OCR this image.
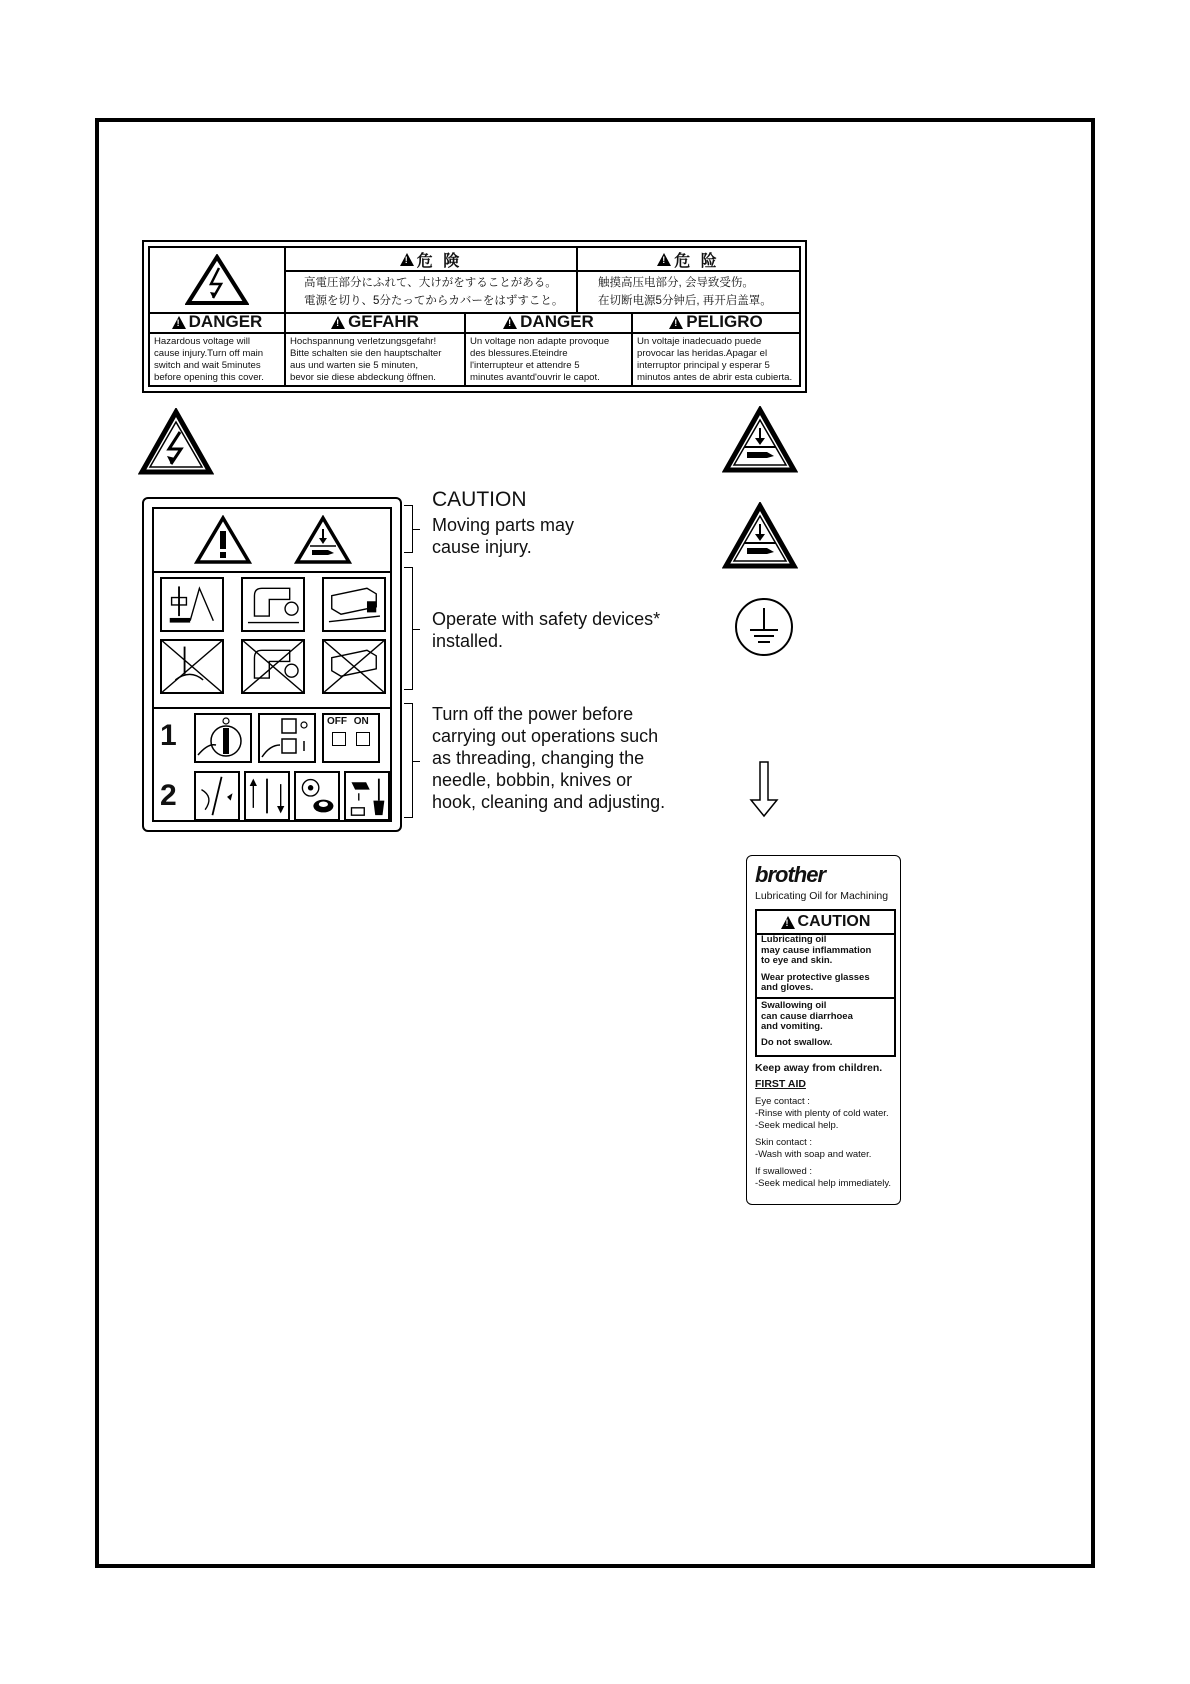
!
危 険
高電圧部分にふれて、大けがをすることがある。
電源を切り、5分たってからカバーをはずすこと。
!
危 险
触摸高压电部分, 会导致受伤。
在切断电源5分钟后, 再开启盖罩。
!
DANGER
Hazardous voltage will
cause injury.Turn off main
switch and wait 5minutes
before opening this cover.
!
GEFAHR
Hochspannung verletzungsgefahr!
Bitte schalten sie den hauptschalter
aus und warten sie 5 minuten,
bevor sie diese abdeckung öffnen.
!
DANGER
Un voltage non adapte provoque
des blessures.Eteindre
l'interrupteur et attendre 5
minutes avantd'ouvrir le capot.
!
PELIGRO
Un voltaje inadecuado puede
provocar las heridas.Apagar el
interruptor principal y esperar 5
minutos antes de abrir esta cubierta.
1	OFF ON
2
CAUTION
Moving parts may
cause injury.
Operate with safety devices*
installed.
Turn off the power before
carrying out operations such
as threading, changing the
needle, bobbin, knives or
hook, cleaning and adjusting.
brother
Lubricating Oil for Machining
!
CAUTION
Lubricating oil
may cause inflammation
to eye and skin.
Wear protective glasses
and gloves.
Swallowing oil
can cause diarrhoea
and vomiting.
Do not swallow.
Keep away from children.
FIRST AID
Eye contact :
-Rinse with plenty of cold water.
-Seek medical help.
Skin contact :
-Wash with soap and water.
If swallowed :
-Seek medical help immediately.
